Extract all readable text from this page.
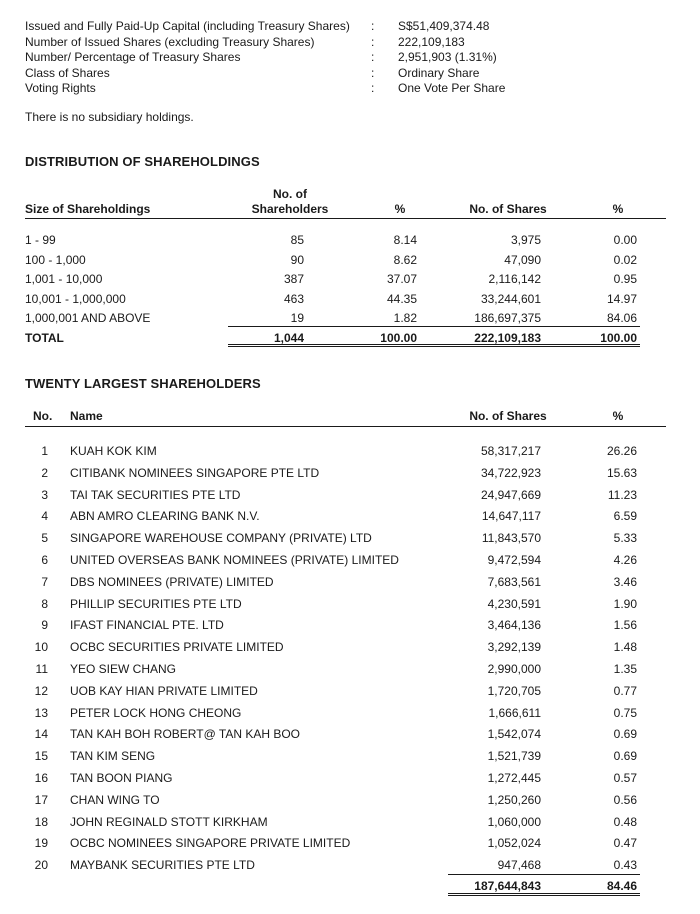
Issued and Fully Paid-Up Capital (including Treasury Shares) : S$51,409,374.48
Number of Issued Shares (excluding Treasury Shares)	: 222,109,183
Number/ Percentage of Treasury Shares	: 2,951,903 (1.31%)
Class of Shares	: Ordinary Share
Voting Rights	: One Vote Per Share
There is no subsidiary holdings.
DISTRIBUTION OF SHAREHOLDINGS
Size of Shareholdings
No. of
Shareholders	%	No. of Shares	%
1 - 99	85	8.14	3,975	0.00
100 - 1,000	90	8.62	47,090	0.02
1,001 - 10,000	387	37.07	2,116,142	0.95
10,001 - 1,000,000	463	44.35	33,244,601	14.97
1,000,001 AND ABOVE	19	1.82	186,697,375	84.06
TOTAL	1,044	100.00	222,109,183	100.00
TWENTY LARGEST SHAREHOLDERS
No. Name	No. of Shares	%
1 KUAH KOK KIM	58,317,217	26.26
2 CITIBANK NOMINEES SINGAPORE PTE LTD	34,722,923	15.63
3 TAI TAK SECURITIES PTE LTD	24,947,669	11.23
4 ABN AMRO CLEARING BANK N.V.	14,647,117	6.59
5 SINGAPORE WAREHOUSE COMPANY (PRIVATE) LTD	11,843,570	5.33
6 UNITED OVERSEAS BANK NOMINEES (PRIVATE) LIMITED	9,472,594	4.26
7 DBS NOMINEES (PRIVATE) LIMITED	7,683,561	3.46
8 PHILLIP SECURITIES PTE LTD	4,230,591	1.90
9 IFAST FINANCIAL PTE. LTD	3,464,136	1.56
10 OCBC SECURITIES PRIVATE LIMITED	3,292,139	1.48
11 YEO SIEW CHANG	2,990,000	1.35
12 UOB KAY HIAN PRIVATE LIMITED	1,720,705	0.77
13 PETER LOCK HONG CHEONG	1,666,611	0.75
14 TAN KAH BOH ROBERT@ TAN KAH BOO	1,542,074	0.69
15 TAN KIM SENG	1,521,739	0.69
16 TAN BOON PIANG	1,272,445	0.57
17 CHAN WING TO	1,250,260	0.56
18 JOHN REGINALD STOTT KIRKHAM	1,060,000	0.48
19 OCBC NOMINEES SINGAPORE PRIVATE LIMITED	1,052,024	0.47
20 MAYBANK SECURITIES PTE LTD	947,468	0.43
187,644,843	84.46
